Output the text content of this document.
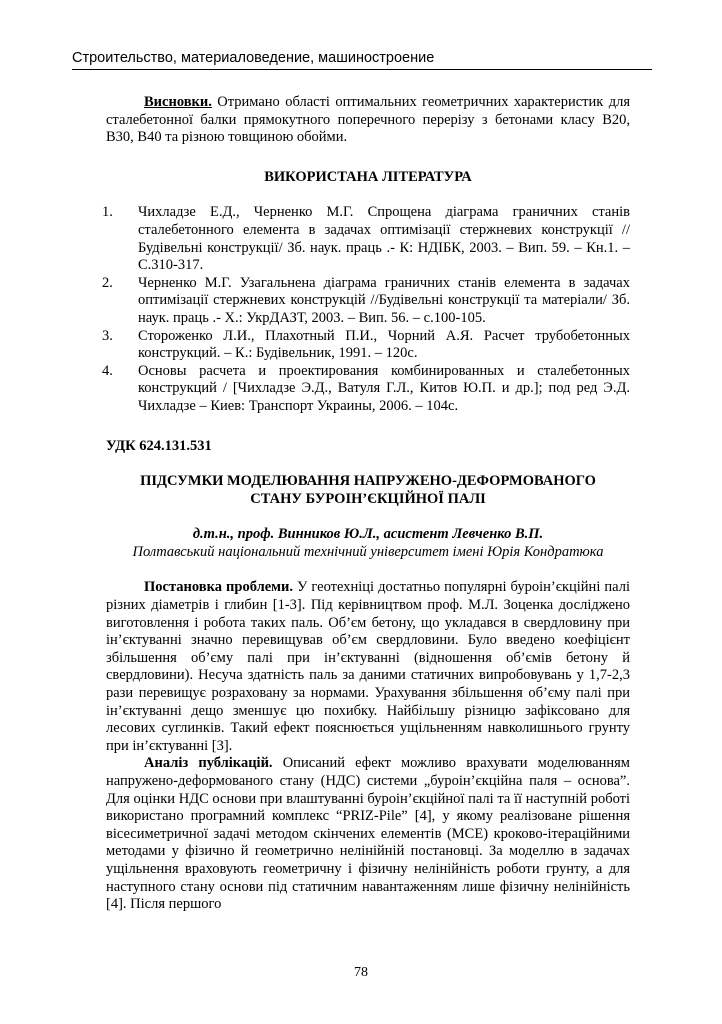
Строительство, материаловедение, машиностроение

Висновки. Отримано області оптимальних геометричних характеристик для сталебетонної балки прямокутного поперечного перерізу з бетонами класу В20, В30, В40 та різною товщиною обойми.

ВИКОРИСТАНА ЛІТЕРАТУРА
1. Чихладзе Е.Д., Черненко М.Г. Спрощена діаграма граничних станів сталебетонного елемента в задачах оптимізації стержневих конструкції //Будівельні конструкції/ Зб. наук. праць .- К: НДІБК, 2003. – Вип. 59. – Кн.1. – С.310-317.
2. Черненко М.Г. Узагальнена діаграма граничних станів елемента в задачах оптимізації стержневих конструкцій //Будівельні конструкції та матеріали/ Зб. наук. праць .- Х.: УкрДАЗТ, 2003. – Вип. 56. – с.100-105.
3. Стороженко Л.И., Плахотный П.И., Чорний А.Я. Расчет трубобетонных конструкций. – К.: Будівельник, 1991. – 120с.
4. Основы расчета и проектирования комбинированных и сталебетонных конструкций / [Чихладзе Э.Д., Ватуля Г.Л., Китов Ю.П. и др.]; под ред Э.Д. Чихладзе – Киев: Транспорт Украины, 2006. – 104с.

УДК 624.131.531

ПІДСУМКИ МОДЕЛЮВАННЯ НАПРУЖЕНО-ДЕФОРМОВАНОГО
СТАНУ БУРОІН’ЄКЦІЙНОЇ ПАЛІ

д.т.н., проф. Винников Ю.Л., асистент Левченко В.П.

Полтавський національний технічний університет імені Юрія Кондратюка

Постановка проблеми. У геотехніці достатньо популярні буроін’єкційні палі різних діаметрів і глибин [1-3]. Під керівництвом проф. М.Л. Зоценка досліджено виготовлення і робота таких паль. Об’єм бетону, що укладався в свердловину при ін’єктуванні значно перевищував об’єм свердловини. Було введено коефіцієнт збільшення об’єму палі при ін’єктуванні (відношення об’ємів бетону й свердловини). Несуча здатність паль за даними статичних випробовувань у 1,7-2,3 рази перевищує розраховану за нормами. Урахування збільшення об’єму палі при ін’єктуванні дещо зменшує цю похибку. Найбільшу різницю зафіксовано для лесових суглинків. Такий ефект пояснюється ущільненням навколишнього грунту при ін’єктуванні [3].

Аналіз публікацій. Описаний ефект можливо врахувати моделюванням напружено-деформованого стану (НДС) системи „буроін’єкційна паля – основа”. Для оцінки НДС основи при влаштуванні буроін’єкційної палі та її наступній роботі використано програмний комплекс “PRIZ-Pile” [4], у якому реалізоване рішення вісесиметричної задачі методом скінчених елементів (МСЕ) кроково-ітераційними методами у фізично й геометрично нелінійній постановці. За моделлю в задачах ущільнення враховують геометричну і фізичну нелінійність роботи грунту, а для наступного стану основи під статичним навантаженням лише фізичну нелінійність [4]. Після першого

78
